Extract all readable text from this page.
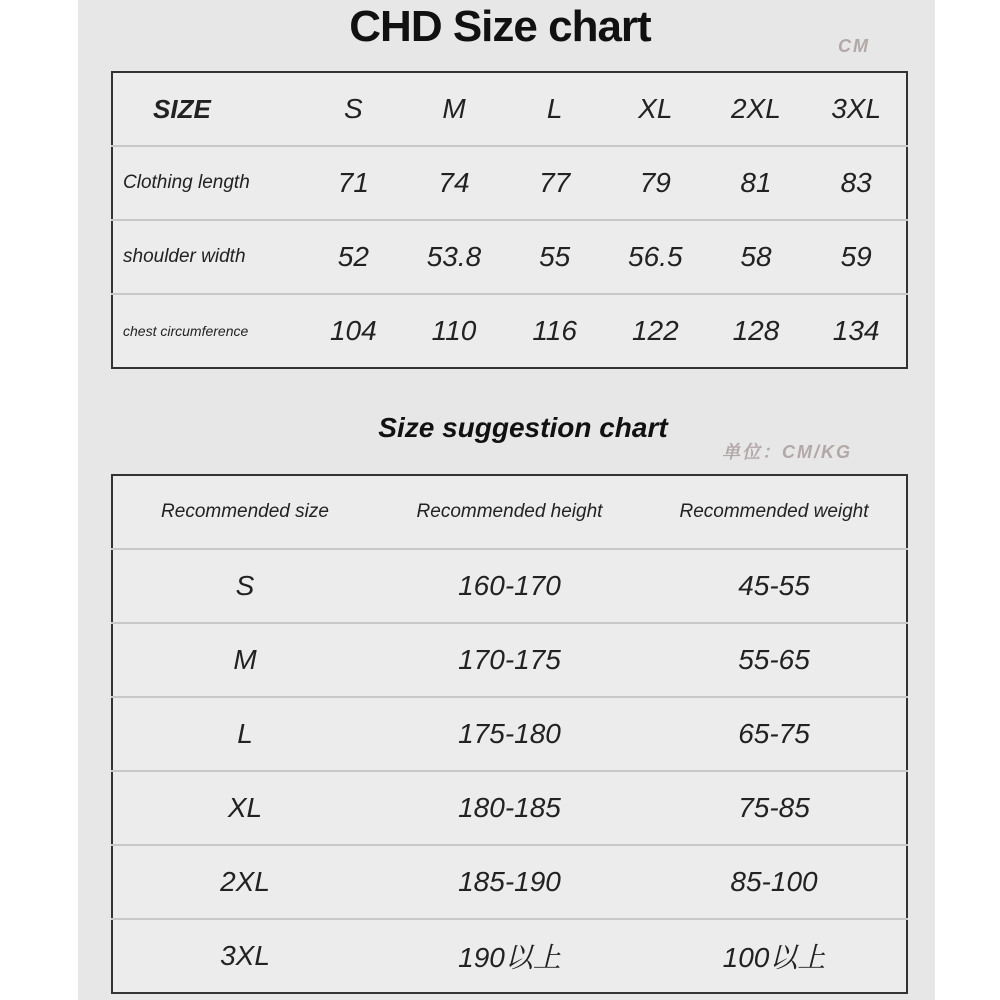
CHD Size chart	CM
SIZE	S	M	L	XL	2XL	3XL
Clothing length	71	74	77	79	81	83
shoulder width	52	53.8	55	56.5	58	59
chest circumference	104	110	116	122	128	134
Size suggestion chart
单位：CM/KG
Recommended size	Recommended height	Recommended weight
S	160-170	45-55
M	170-175	55-65
L	175-180	65-75
XL	180-185	75-85
2XL	185-190	85-100
3XL	190以上	100以上
